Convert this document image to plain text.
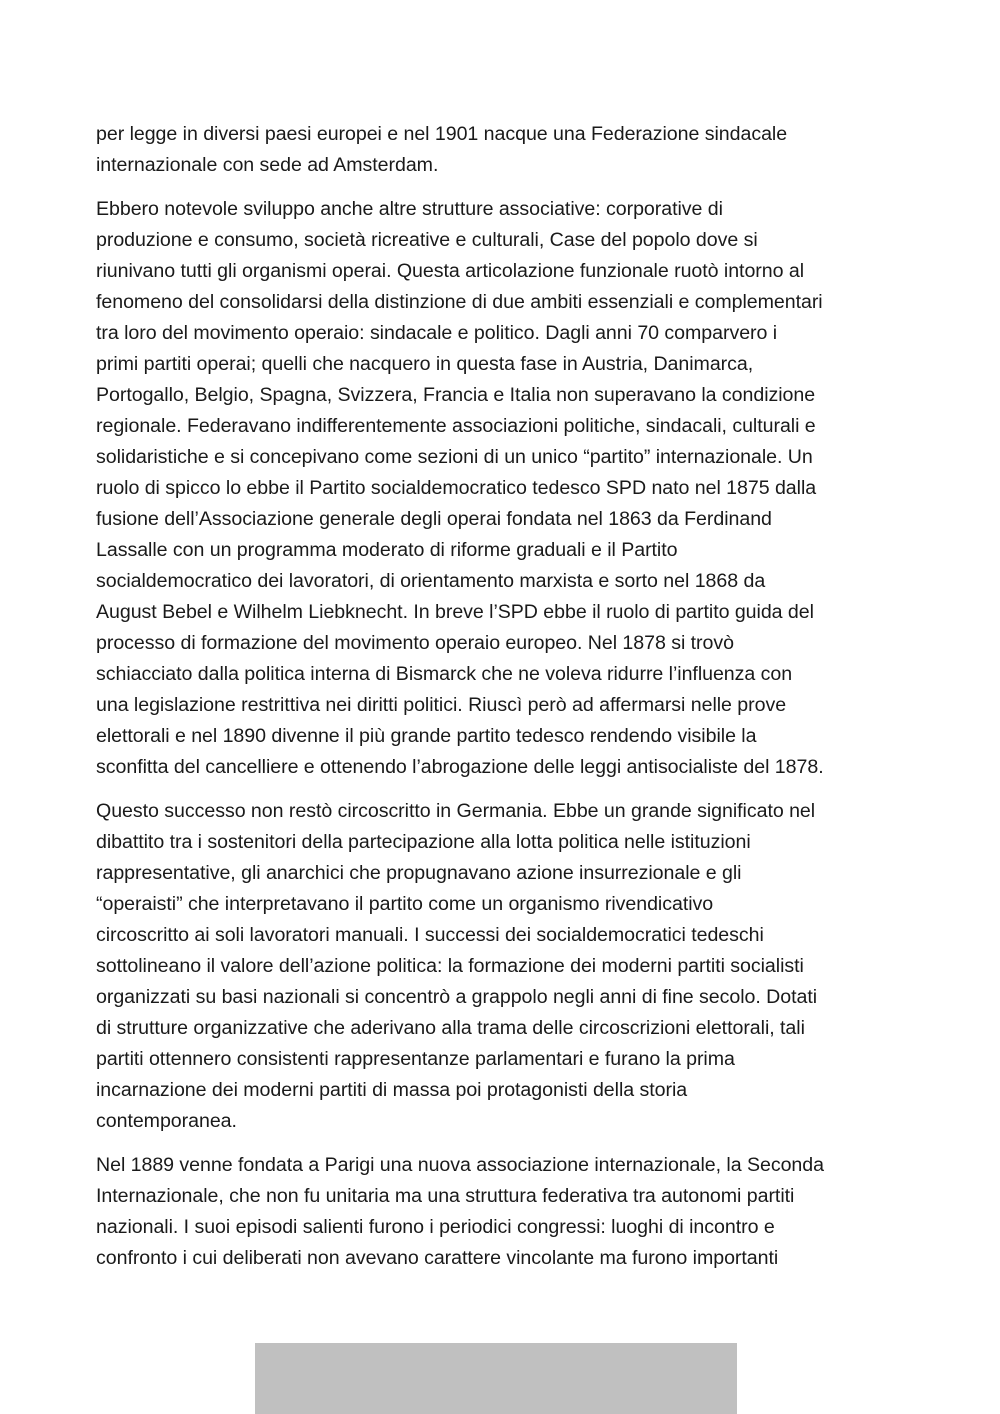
per legge in diversi paesi europei e nel 1901 nacque una Federazione sindacale
internazionale con sede ad Amsterdam.

Ebbero notevole sviluppo anche altre strutture associative: corporative di
produzione e consumo, società ricreative e culturali, Case del popolo dove si
riunivano tutti gli organismi operai. Questa articolazione funzionale ruotò intorno al
fenomeno del consolidarsi della distinzione di due ambiti essenziali e complementari
tra loro del movimento operaio: sindacale e politico. Dagli anni 70 comparvero i
primi partiti operai; quelli che nacquero in questa fase in Austria, Danimarca,
Portogallo, Belgio, Spagna, Svizzera, Francia e Italia non superavano la condizione
regionale. Federavano indifferentemente associazioni politiche, sindacali, culturali e
solidaristiche e si concepivano come sezioni di un unico “partito” internazionale. Un
ruolo di spicco lo ebbe il Partito socialdemocratico tedesco SPD nato nel 1875 dalla
fusione dell’Associazione generale degli operai fondata nel 1863 da Ferdinand
Lassalle con un programma moderato di riforme graduali e il Partito
socialdemocratico dei lavoratori, di orientamento marxista e sorto nel 1868 da
August Bebel e Wilhelm Liebknecht. In breve l’SPD ebbe il ruolo di partito guida del
processo di formazione del movimento operaio europeo. Nel 1878 si trovò
schiacciato dalla politica interna di Bismarck che ne voleva ridurre l’influenza con
una legislazione restrittiva nei diritti politici. Riuscì però ad affermarsi nelle prove
elettorali e nel 1890 divenne il più grande partito tedesco rendendo visibile la
sconfitta del cancelliere e ottenendo l’abrogazione delle leggi antisocialiste del 1878.

Questo successo non restò circoscritto in Germania. Ebbe un grande significato nel
dibattito tra i sostenitori della partecipazione alla lotta politica nelle istituzioni
rappresentative, gli anarchici che propugnavano azione insurrezionale e gli
“operaisti” che interpretavano il partito come un organismo rivendicativo
circoscritto ai soli lavoratori manuali. I successi dei socialdemocratici tedeschi
sottolineano il valore dell’azione politica: la formazione dei moderni partiti socialisti
organizzati su basi nazionali si concentrò a grappolo negli anni di fine secolo. Dotati
di strutture organizzative che aderivano alla trama delle circoscrizioni elettorali, tali
partiti ottennero consistenti rappresentanze parlamentari e furano la prima
incarnazione dei moderni partiti di massa poi protagonisti della storia
contemporanea.

Nel 1889 venne fondata a Parigi una nuova associazione internazionale, la Seconda
Internazionale, che non fu unitaria ma una struttura federativa tra autonomi partiti
nazionali. I suoi episodi salienti furono i periodici congressi: luoghi di incontro e
confronto i cui deliberati non avevano carattere vincolante ma furono importanti
